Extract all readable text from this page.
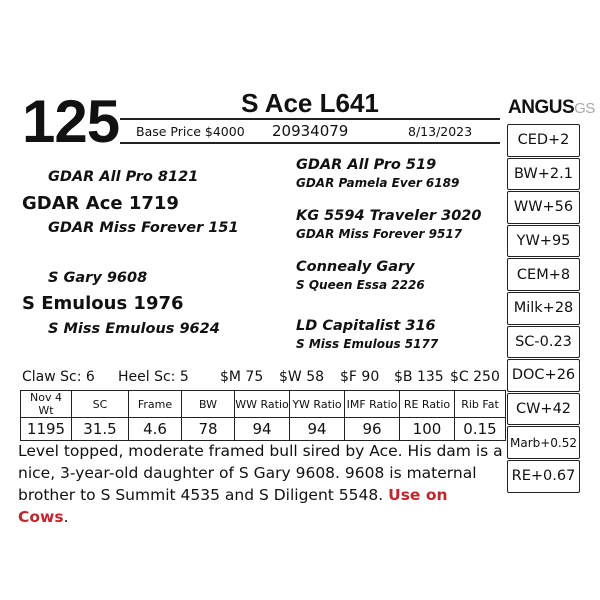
125	S Ace L641
Base Price $4000 20934079	8/13/2023
GDAR All Pro 8121
GDAR Ace 1719
GDAR Miss Forever 151
S Gary 9608
S Emulous 1976
S Miss Emulous 9624
GDAR All Pro 519
GDAR Pamela Ever 6189
KG 5594 Traveler 3020
GDAR Miss Forever 9517
Connealy Gary
S Queen Essa 2226
LD Capitalist 316
S Miss Emulous 5177
ANGUSGS
CED+2
BW+2.1
WW+56
YW+95
CEM+8
Milk+28
SC-0.23
DOC+26
CW+42
Marb+0.52
RE+0.67
Claw Sc: 6 Heel Sc: 5 $M 75 $W 58 $F 90 $B 135 $C 250
Nov 4 Wt	SC	Frame	BW	WW Ratio	YW Ratio	IMF Ratio	RE Ratio	Rib Fat
1195	31.5	4.6	78	94	94	96	100	0.15
Level topped, moderate framed bull sired by Ace. His dam is a nice, 3-year-old daughter of S Gary 9608. 9608 is maternal brother to S Summit 4535 and S Diligent 5548. Use on Cows.
